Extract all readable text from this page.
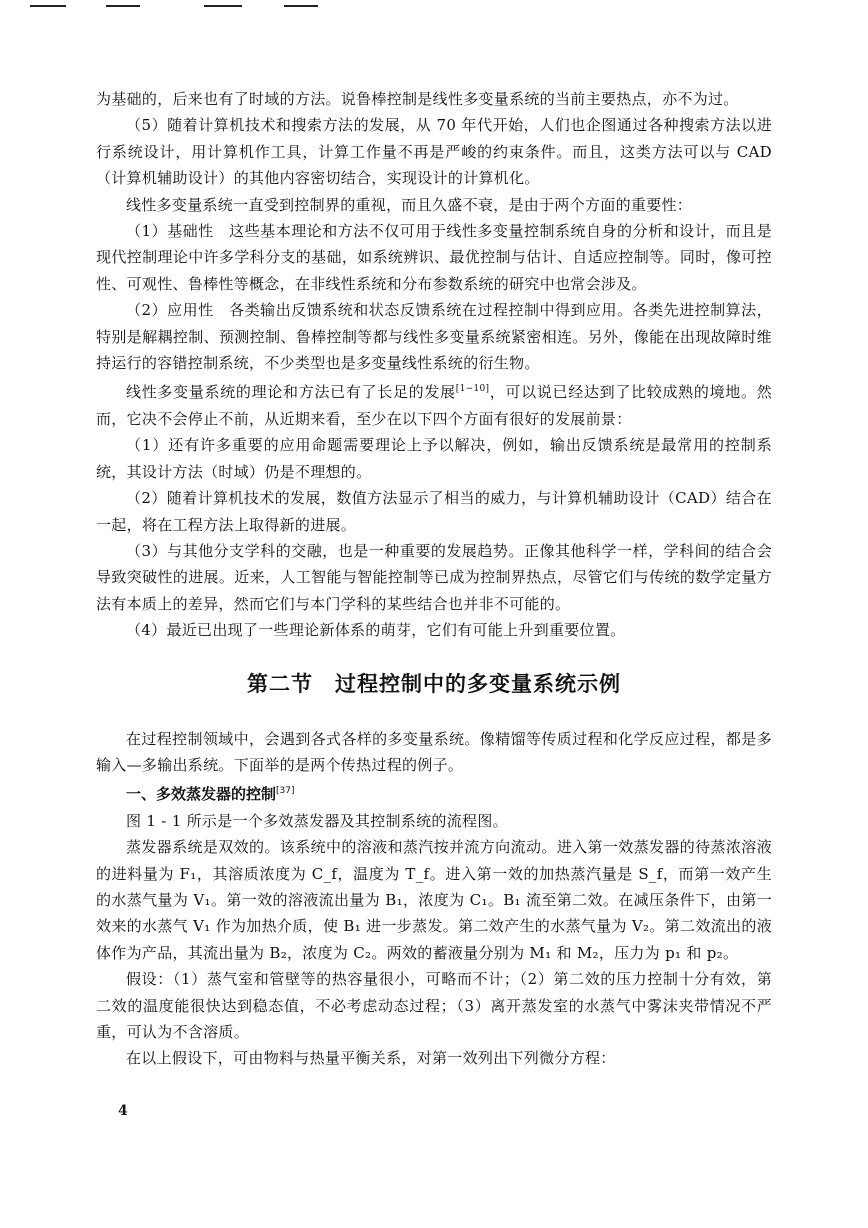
为基础的，后来也有了时域的方法。说鲁棒控制是线性多变量系统的当前主要热点，亦不为过。

（5）随着计算机技术和搜索方法的发展，从 70 年代开始，人们也企图通过各种搜索方法以进行系统设计，用计算机作工具，计算工作量不再是严峻的约束条件。而且，这类方法可以与 CAD（计算机辅助设计）的其他内容密切结合，实现设计的计算机化。

线性多变量系统一直受到控制界的重视，而且久盛不衰，是由于两个方面的重要性：

（1）基础性　这些基本理论和方法不仅可用于线性多变量控制系统自身的分析和设计，而且是现代控制理论中许多学科分支的基础，如系统辨识、最优控制与估计、自适应控制等。同时，像可控性、可观性、鲁棒性等概念，在非线性系统和分布参数系统的研究中也常会涉及。

（2）应用性　各类输出反馈系统和状态反馈系统在过程控制中得到应用。各类先进控制算法，特别是解耦控制、预测控制、鲁棒控制等都与线性多变量系统紧密相连。另外，像能在出现故障时维持运行的容错控制系统，不少类型也是多变量线性系统的衍生物。

线性多变量系统的理论和方法已有了长足的发展[1−10]，可以说已经达到了比较成熟的境地。然而，它决不会停止不前，从近期来看，至少在以下四个方面有很好的发展前景：

（1）还有许多重要的应用命题需要理论上予以解决，例如，输出反馈系统是最常用的控制系统，其设计方法（时域）仍是不理想的。

（2）随着计算机技术的发展，数值方法显示了相当的威力，与计算机辅助设计（CAD）结合在一起，将在工程方法上取得新的进展。

（3）与其他分支学科的交融，也是一种重要的发展趋势。正像其他科学一样，学科间的结合会导致突破性的进展。近来，人工智能与智能控制等已成为控制界热点，尽管它们与传统的数学定量方法有本质上的差异，然而它们与本门学科的某些结合也并非不可能的。

（4）最近已出现了一些理论新体系的萌芽，它们有可能上升到重要位置。

第二节　过程控制中的多变量系统示例

在过程控制领域中，会遇到各式各样的多变量系统。像精馏等传质过程和化学反应过程，都是多输入—多输出系统。下面举的是两个传热过程的例子。

一、多效蒸发器的控制[37]

图 1 - 1 所示是一个多效蒸发器及其控制系统的流程图。

蒸发器系统是双效的。该系统中的溶液和蒸汽按并流方向流动。进入第一效蒸发器的待蒸浓溶液的进料量为 F₁，其溶质浓度为 C_f，温度为 T_f。进入第一效的加热蒸汽量是 S_f，而第一效产生的水蒸气量为 V₁。第一效的溶液流出量为 B₁，浓度为 C₁。B₁ 流至第二效。在减压条件下，由第一效来的水蒸气 V₁ 作为加热介质，使 B₁ 进一步蒸发。第二效产生的水蒸气量为 V₂。第二效流出的液体作为产品，其流出量为 B₂，浓度为 C₂。两效的蓄液量分别为 M₁ 和 M₂，压力为 p₁ 和 p₂。

假设：（1）蒸气室和管壁等的热容量很小，可略而不计；（2）第二效的压力控制十分有效，第二效的温度能很快达到稳态值，不必考虑动态过程；（3）离开蒸发室的水蒸气中雾沫夹带情况不严重，可认为不含溶质。

在以上假设下，可由物料与热量平衡关系，对第一效列出下列微分方程：

4
